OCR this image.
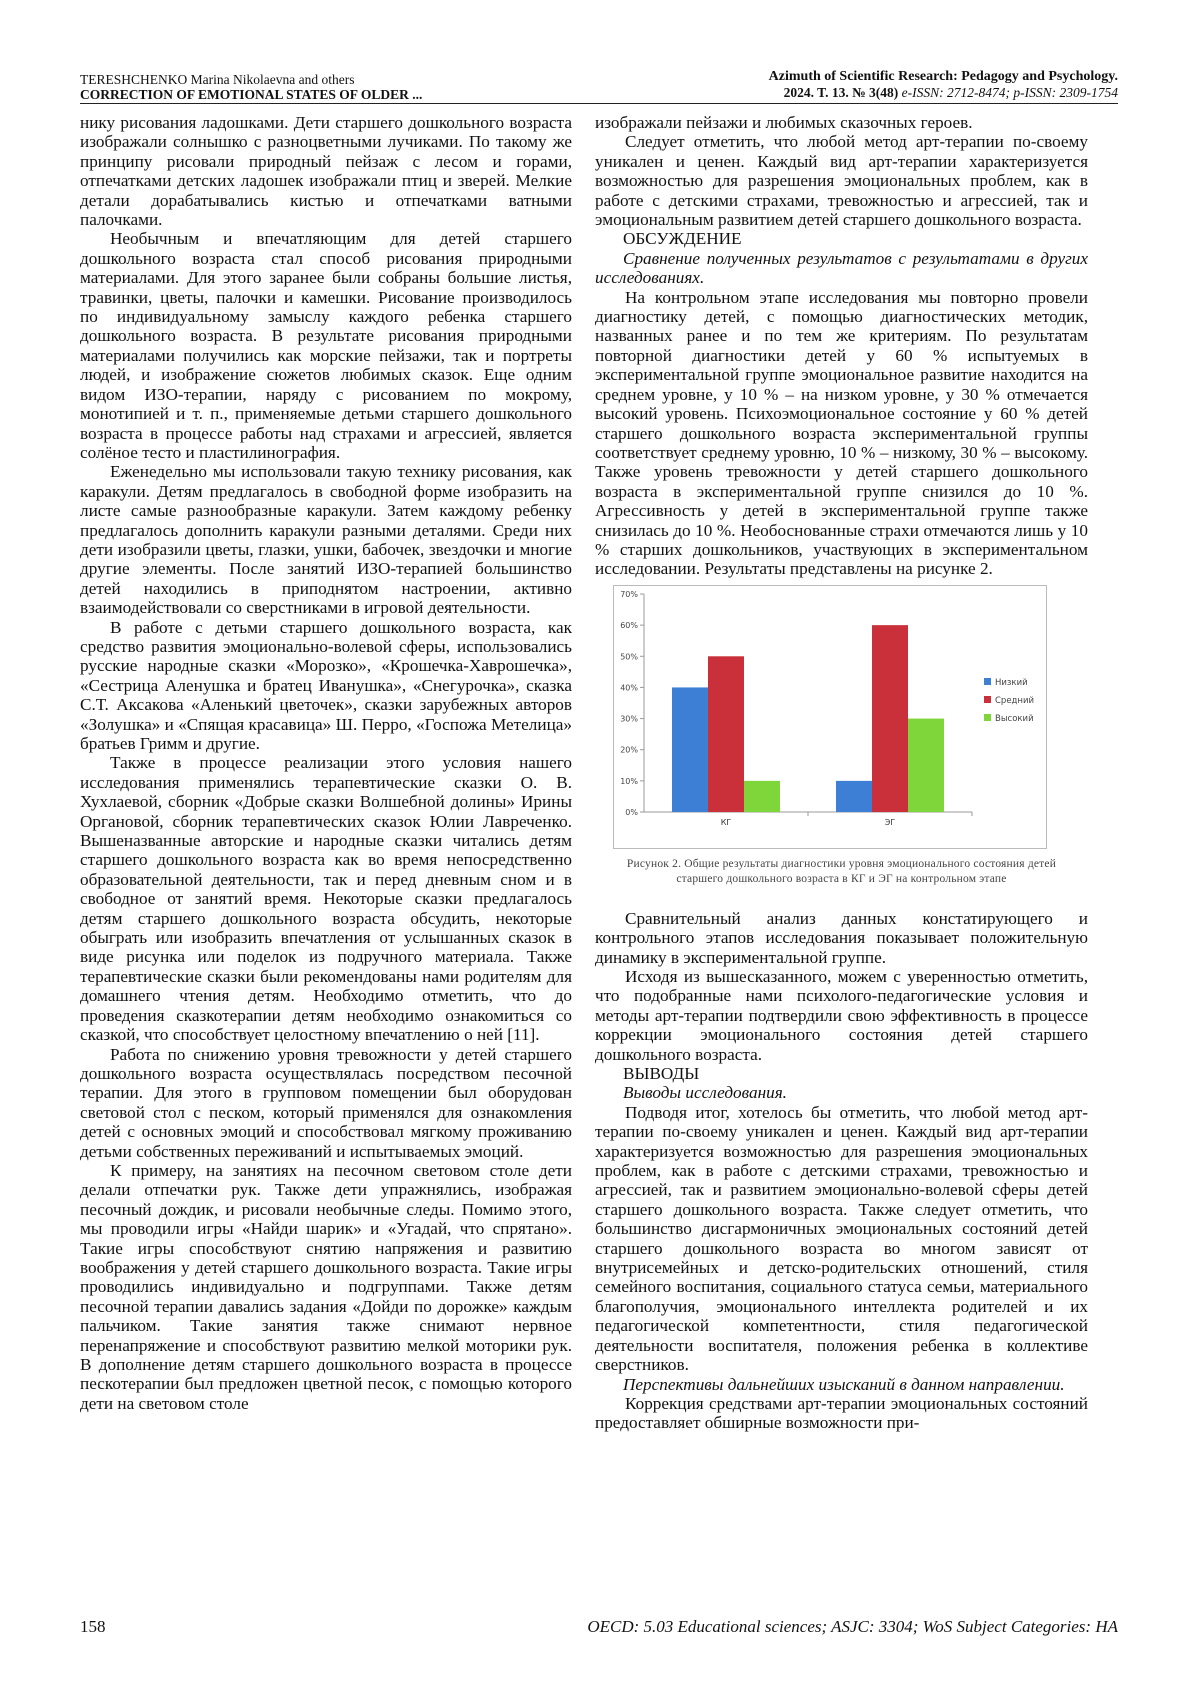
TERESHCHENKO Marina Nikolaevna and others
CORRECTION OF EMOTIONAL STATES OF OLDER ...
Azimuth of Scientific Research: Pedagogy and Psychology.
2024. T. 13. № 3(48) e-ISSN: 2712-8474; p-ISSN: 2309-1754

нику рисования ладошками. Дети старшего дошкольного возраста изображали солнышко с разноцветными лучиками. По такому же принципу рисовали природный пейзаж с лесом и горами, отпечатками детских ладошек изображали птиц и зверей. Мелкие детали дорабатывались кистью и отпечатками ватными палочками.

Необычным и впечатляющим для детей старшего дошкольного возраста стал способ рисования природными материалами. Для этого заранее были собраны большие листья, травинки, цветы, палочки и камешки. Рисование производилось по индивидуальному замыслу каждого ребенка старшего дошкольного возраста. В результате рисования природными материалами получились как морские пейзажи, так и портреты людей, и изображение сюжетов любимых сказок. Еще одним видом ИЗО-терапии, наряду с рисованием по мокрому, монотипией и т. п., применяемые детьми старшего дошкольного возраста в процессе работы над страхами и агрессией, является солёное тесто и пластилинография.

Еженедельно мы использовали такую технику рисования, как каракули. Детям предлагалось в свободной форме изобразить на листе самые разнообразные каракули. Затем каждому ребенку предлагалось дополнить каракули разными деталями. Среди них дети изобразили цветы, глазки, ушки, бабочек, звездочки и многие другие элементы. После занятий ИЗО-терапией большинство детей находились в приподнятом настроении, активно взаимодействовали со сверстниками в игровой деятельности.

В работе с детьми старшего дошкольного возраста, как средство развития эмоционально-волевой сферы, использовались русские народные сказки «Морозко», «Крошечка-Хаврошечка», «Сестрица Аленушка и братец Иванушка», «Снегурочка», сказка С.Т. Аксакова «Аленький цветочек», сказки зарубежных авторов «Золушка» и «Спящая красавица» Ш. Перро, «Госпожа Метелица» братьев Гримм и другие.

Также в процессе реализации этого условия нашего исследования применялись терапевтические сказки О. В. Хухлаевой, сборник «Добрые сказки Волшебной долины» Ирины Органовой, сборник терапевтических сказок Юлии Лавреченко. Вышеназванные авторские и народные сказки читались детям старшего дошкольного возраста как во время непосредственно образовательной деятельности, так и перед дневным сном и в свободное от занятий время. Некоторые сказки предлагалось детям старшего дошкольного возраста обсудить, некоторые обыграть или изобразить впечатления от услышанных сказок в виде рисунка или поделок из подручного материала. Также терапевтические сказки были рекомендованы нами родителям для домашнего чтения детям. Необходимо отметить, что до проведения сказкотерапии детям необходимо ознакомиться со сказкой, что способствует целостному впечатлению о ней [11].

Работа по снижению уровня тревожности у детей старшего дошкольного возраста осуществлялась посредством песочной терапии. Для этого в групповом помещении был оборудован световой стол с песком, который применялся для ознакомления детей с основных эмоций и способствовал мягкому проживанию детьми собственных переживаний и испытываемых эмоций.

К примеру, на занятиях на песочном световом столе дети делали отпечатки рук. Также дети упражнялись, изображая песочный дождик, и рисовали необычные следы. Помимо этого, мы проводили игры «Найди шарик» и «Угадай, что спрятано». Такие игры способствуют снятию напряжения и развитию воображения у детей старшего дошкольного возраста. Такие игры проводились индивидуально и подгруппами. Также детям песочной терапии давались задания «Дойди по дорожке» каждым пальчиком. Такие занятия также снимают нервное перенапряжение и способствуют развитию мелкой моторики рук. В дополнение детям старшего дошкольного возраста в процессе пескотерапии был предложен цветной песок, с помощью которого дети на световом столе

изображали пейзажи и любимых сказочных героев.

Следует отметить, что любой метод арт-терапии по-своему уникален и ценен. Каждый вид арт-терапии характеризуется возможностью для разрешения эмоциональных проблем, как в работе с детскими страхами, тревожностью и агрессией, так и эмоциональным развитием детей старшего дошкольного возраста.

ОБСУЖДЕНИЕ
Сравнение полученных результатов с результатами в других исследованиях.

На контрольном этапе исследования мы повторно провели диагностику детей, с помощью диагностических методик, названных ранее и по тем же критериям. По результатам повторной диагностики детей у 60 % испытуемых в экспериментальной группе эмоциональное развитие находится на среднем уровне, у 10 % – на низком уровне, у 30 % отмечается высокий уровень. Психоэмоциональное состояние у 60 % детей старшего дошкольного возраста экспериментальной группы соответствует среднему уровню, 10 % – низкому, 30 % – высокому. Также уровень тревожности у детей старшего дошкольного возраста в экспериментальной группе снизился до 10 %. Агрессивность у детей в экспериментальной группе также снизилась до 10 %. Необоснованные страхи отмечаются лишь у 10 % старших дошкольников, участвующих в экспериментальном исследовании. Результаты представлены на рисунке 2.

0%
10%
20%
30%
40%
50%
60%
70%
КГ	ЭГ
Низкий
Средний
Высокий
Рисунок 2. Общие результаты диагностики уровня эмоционального состояния детей старшего дошкольного возраста в КГ и ЭГ на контрольном этапе

Сравнительный анализ данных констатирующего и контрольного этапов исследования показывает положительную динамику в экспериментальной группе.

Исходя из вышесказанного, можем с уверенностью отметить, что подобранные нами психолого-педагогические условия и методы арт-терапии подтвердили свою эффективность в процессе коррекции эмоционального состояния детей старшего дошкольного возраста.

ВЫВОДЫ
Выводы исследования.

Подводя итог, хотелось бы отметить, что любой метод арт-терапии по-своему уникален и ценен. Каждый вид арт-терапии характеризуется возможностью для разрешения эмоциональных проблем, как в работе с детскими страхами, тревожностью и агрессией, так и развитием эмоционально-волевой сферы детей старшего дошкольного возраста. Также следует отметить, что большинство дисгармоничных эмоциональных состояний детей старшего дошкольного возраста во многом зависят от внутрисемейных и детско-родительских отношений, стиля семейного воспитания, социального статуса семьи, материального благополучия, эмоционального интеллекта родителей и их педагогической компетентности, стиля педагогической деятельности воспитателя, положения ребенка в коллективе сверстников.

Перспективы дальнейших изысканий в данном направлении.

Коррекция средствами арт-терапии эмоциональных состояний предоставляет обширные возможности при-

158	OECD: 5.03 Educational sciences; ASJC: 3304; WoS Subject Categories: HA
